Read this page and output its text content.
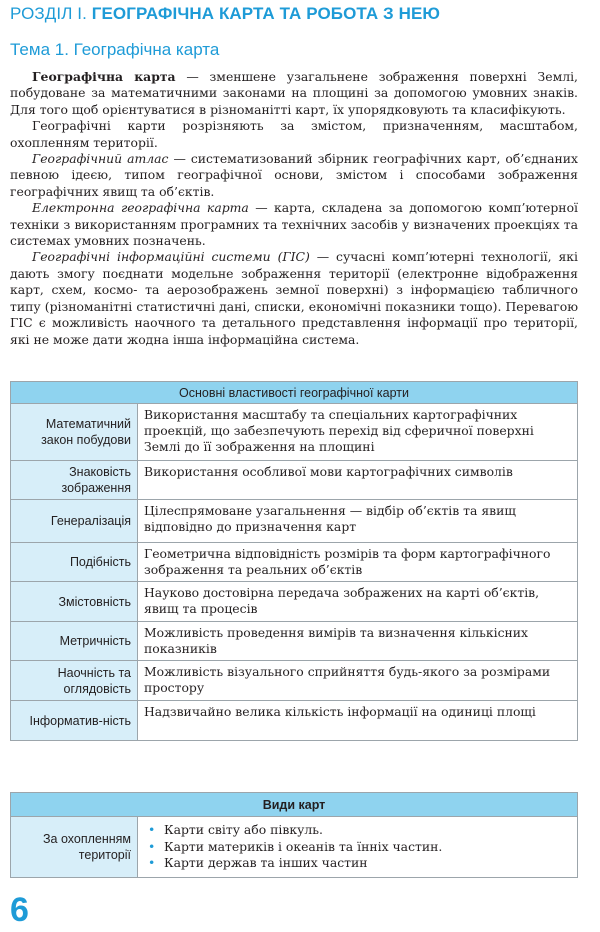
РОЗДІЛ I. ГЕОГРАФІЧНА КАРТА ТА РОБОТА З НЕЮ
Тема 1. Географічна карта

Географічна карта — зменшене узагальнене зображення поверхні Землі, побудоване за математичними законами на площині за допомогою умовних знаків. Для того щоб орієнтуватися в різноманітті карт, їх упорядковують та класифікують.

Географічні карти розрізняють за змістом, призначенням, масштабом, охопленням території.

Географічний атлас — систематизований збірник географічних карт, об’єднаних певною ідеєю, типом географічної основи, змістом і способами зображення географічних явищ та об’єктів.

Електронна географічна карта — карта, складена за допомогою комп’ютерної техніки з використанням програмних та технічних засобів у визначених проекціях та системах умовних позначень.

Географічні інформаційні системи (ГІС) — сучасні комп’ютерні технології, які дають змогу поєднати модельне зображення території (електронне відображення карт, схем, космо- та аерозображень земної поверхні) з інформацією табличного типу (різноманітні статистичні дані, списки, економічні показники тощо). Перевагою ГІС є можливість наочного та детального представлення інформації про території, які не може дати жодна інша інформаційна система.

Основні властивості географічної карти	
Математичний закон побудови	Використання масштабу та спеціальних картографічних проекцій, що забезпечують перехід від сферичної поверхні Землі до її зображення на площині
Знаковість зображення	Використання особливої мови картографічних символів
Генералізація	Цілеспрямоване узагальнення — відбір об’єктів та явищ відповідно до призначення карт
Подібність	Геометрична відповідність розмірів та форм картографічного зображення та реальних об’єктів
Змістовність	Науково достовірна передача зображених на карті об’єктів, явищ та процесів
Метричність	Можливість проведення вимірів та визначення кількісних показників
Наочність та оглядовість	Можливість візуального сприйняття будь-якого за розмірами простору
Інформатив-ність	Надзвичайно велика кількість інформації на одиниці площі
Види карт
За охопленням території	
• Карти світу або півкуль.
• Карти материків і океанів та їнніх частин.
• Карти держав та інших частин
6
